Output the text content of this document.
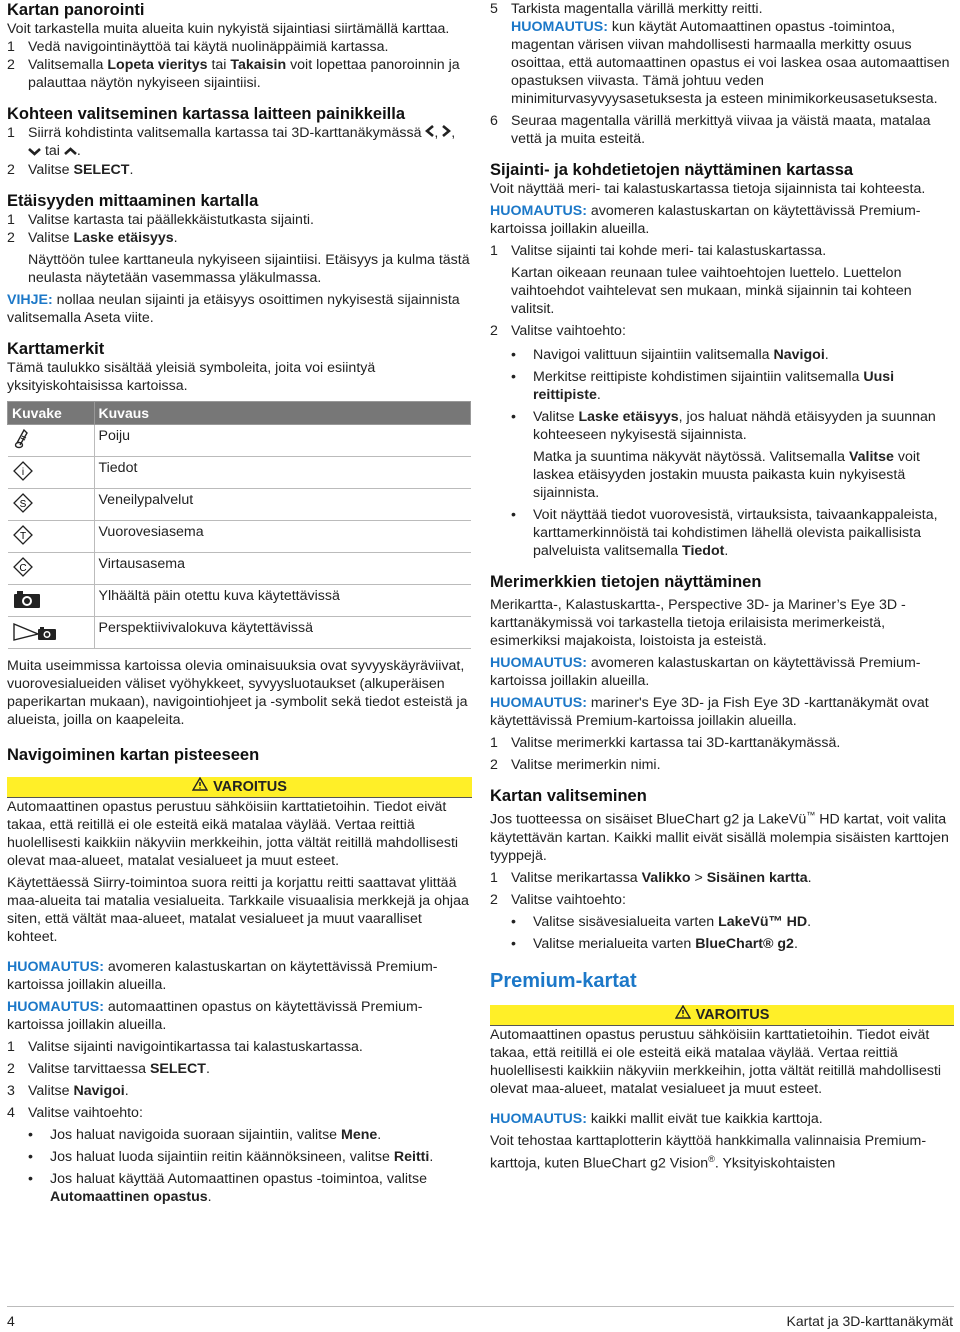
Kartan panorointi

Voit tarkastella muita alueita kuin nykyistä sijaintiasi siirtämällä karttaa.

1 Vedä navigointinäyttöä tai käytä nuolinäppäimiä kartassa.
2 Valitsemalla Lopeta vieritys tai Takaisin voit lopettaa panoroinnin ja palauttaa näytön nykyiseen sijaintiisi.
Kohteen valitseminen kartassa laitteen painikkeilla
1 Siirrä kohdistinta valitsemalla kartassa tai 3D-karttanäkymässä , ,  tai .
2 Valitse SELECT.
Etäisyyden mittaaminen kartalla
1 Valitse kartasta tai päällekkäistutkasta sijainti.
2 Valitse Laske etäisyys.

Näyttöön tulee karttaneula nykyiseen sijaintiisi. Etäisyys ja kulma tästä neulasta näytetään vasemmassa yläkulmassa.

VIHJE: nollaa neulan sijainti ja etäisyys osoittimen nykyisestä sijainnista valitsemalla Aseta viite.

Karttamerkit

Tämä taulukko sisältää yleisiä symboleita, joita voi esiintyä yksityiskohtaisissa kartoissa.

Kuvake	Kuvaus

	Poiju

i	Tiedot

S	Veneilypalvelut

T	Vuorovesiasema

C	Virtausasema

	Ylhäältä päin otettu kuva käytettävissä

	Perspektiivivalokuva käytettävissä

Muita useimmissa kartoissa olevia ominaisuuksia ovat syvyyskäyräviivat, vuorovesialueiden väliset vyöhykkeet, syvyysluotaukset (alkuperäisen paperikartan mukaan), navigointiohjeet ja -symbolit sekä tiedot esteistä ja alueista, joilla on kaapeleita.

Navigoiminen kartan pisteeseen
VAROITUS

Automaattinen opastus perustuu sähköisiin karttatietoihin. Tiedot eivät takaa, että reitillä ei ole esteitä eikä matalaa väylää. Vertaa reittiä huolellisesti kaikkiin näkyviin merkkeihin, jotta vältät reitillä mahdollisesti olevat maa-alueet, matalat vesialueet ja muut esteet.

Käytettäessä Siirry-toimintoa suora reitti ja korjattu reitti saattavat ylittää maa-alueita tai matalia vesialueita. Tarkkaile visuaalisia merkkejä ja ohjaa siten, että vältät maa-alueet, matalat vesialueet ja muut vaaralliset kohteet.

HUOMAUTUS: avomeren kalastuskartan on käytettävissä Premium-kartoissa joillakin alueilla.

HUOMAUTUS: automaattinen opastus on käytettävissä Premium-kartoissa joillakin alueilla.

1 Valitse sijainti navigointikartassa tai kalastuskartassa.
2 Valitse tarvittaessa SELECT.
3 Valitse Navigoi.
4 Valitse vaihtoehto:
•	Jos haluat navigoida suoraan sijaintiin, valitse Mene.
•	Jos haluat luoda sijaintiin reitin käännöksineen, valitse Reitti.
•	Jos haluat käyttää Automaattinen opastus -toimintoa, valitse Automaattinen opastus.
5 Tarkista magentalla värillä merkitty reitti.

HUOMAUTUS: kun käytät Automaattinen opastus -toimintoa, magentan värisen viivan mahdollisesti harmaalla merkitty osuus osoittaa, että automaattinen opastus ei voi laskea osaa automaattisen opastuksen viivasta. Tämä johtuu veden minimiturvasyvyysasetuksesta ja esteen minimikorkeusasetuksesta.

6 Seuraa magentalla värillä merkittyä viivaa ja väistä maata, matalaa vettä ja muita esteitä.
Sijainti- ja kohdetietojen näyttäminen kartassa

Voit näyttää meri- tai kalastuskartassa tietoja sijainnista tai kohteesta.

HUOMAUTUS: avomeren kalastuskartan on käytettävissä Premium-kartoissa joillakin alueilla.

1 Valitse sijainti tai kohde meri- tai kalastuskartassa.

Kartan oikeaan reunaan tulee vaihtoehtojen luettelo. Luettelon vaihtoehdot vaihtelevat sen mukaan, minkä sijainnin tai kohteen valitsit.

2 Valitse vaihtoehto:
•	Navigoi valittuun sijaintiin valitsemalla Navigoi.
•	Merkitse reittipiste kohdistimen sijaintiin valitsemalla Uusi reittipiste.
•	Valitse Laske etäisyys, jos haluat nähdä etäisyyden ja suunnan kohteeseen nykyisestä sijainnista.

Matka ja suuntima näkyvät näytössä. Valitsemalla Valitse voit laskea etäisyyden jostakin muusta paikasta kuin nykyisestä sijainnista.

•	Voit näyttää tiedot vuorovesistä, virtauksista, taivaankappaleista, karttamerkinnöistä tai kohdistimen lähellä olevista paikallisista palveluista valitsemalla Tiedot.
Merimerkkien tietojen näyttäminen

Merikartta-, Kalastuskartta-, Perspective 3D- ja Mariner’s Eye 3D -karttanäkymissä voi tarkastella tietoja erilaisista merimerkeistä, esimerkiksi majakoista, loistoista ja esteistä.

HUOMAUTUS: avomeren kalastuskartan on käytettävissä Premium-kartoissa joillakin alueilla.

HUOMAUTUS: mariner's Eye 3D- ja Fish Eye 3D -karttanäkymät ovat käytettävissä Premium-kartoissa joillakin alueilla.

1 Valitse merimerkki kartassa tai 3D-karttanäkymässä.
2 Valitse merimerkin nimi.
Kartan valitseminen

Jos tuotteessa on sisäiset BlueChart g2 ja LakeVü™ HD kartat, voit valita käytettävän kartan. Kaikki mallit eivät sisällä molempia sisäisten karttojen tyyppejä.

1 Valitse merikartassa Valikko > Sisäinen kartta.
2 Valitse vaihtoehto:
•	Valitse sisävesialueita varten LakeVü™ HD.
•	Valitse merialueita varten BlueChart® g2.
Premium-kartat
VAROITUS

Automaattinen opastus perustuu sähköisiin karttatietoihin. Tiedot eivät takaa, että reitillä ei ole esteitä eikä matalaa väylää. Vertaa reittiä huolellisesti kaikkiin näkyviin merkkeihin, jotta vältät reitillä mahdollisesti olevat maa-alueet, matalat vesialueet ja muut esteet.

HUOMAUTUS: kaikki mallit eivät tue kaikkia karttoja.

Voit tehostaa karttaplotterin käyttöä hankkimalla valinnaisia Premium-karttoja, kuten BlueChart g2 Vision®. Yksityiskohtaisten

4	Kartat ja 3D-karttanäkymät
